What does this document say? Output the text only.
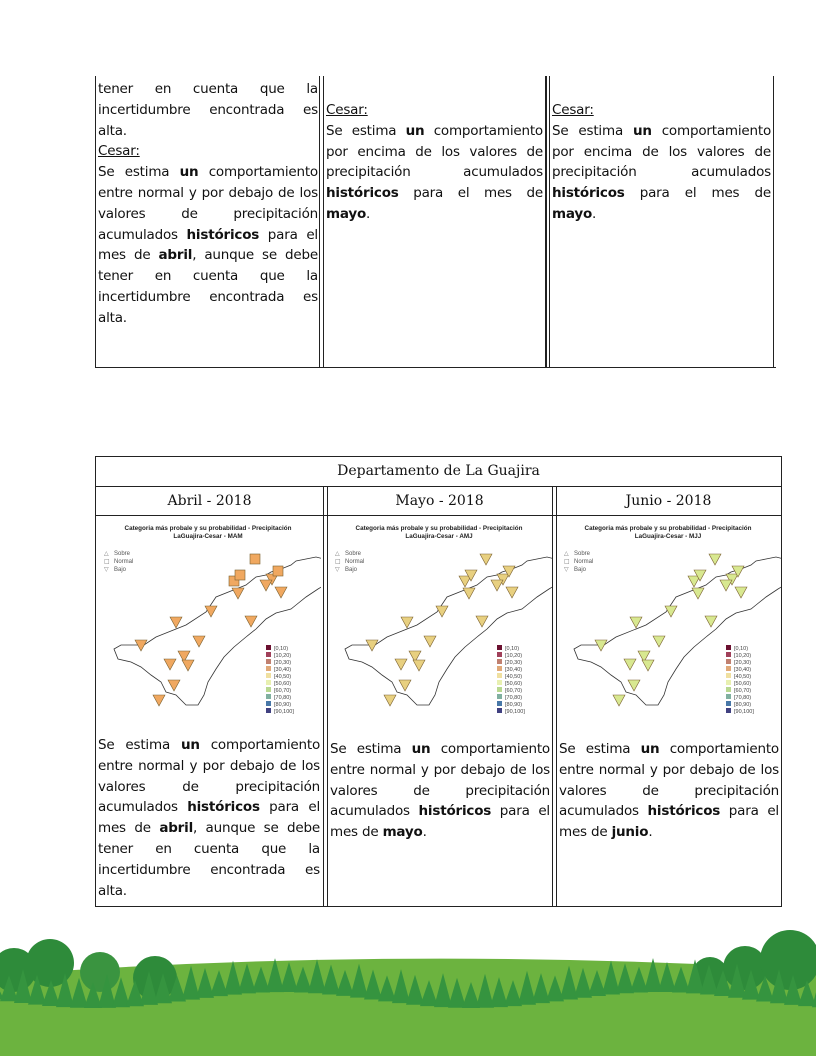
tener en cuenta que la incertidumbre encontrada es alta.
Cesar:
Se estima un comportamiento entre normal y por debajo de los valores de precipitación acumulados históricos para el mes de abril, aunque se debe tener en cuenta que la incertidumbre encontrada es alta.
Cesar:
Se estima un comportamiento por encima de los valores de precipitación acumulados históricos para el mes de mayo.
Cesar:
Se estima un comportamiento por encima de los valores de precipitación acumulados históricos para el mes de mayo.
Departamento de La Guajira
Abril - 2018	Mayo - 2018	Junio - 2018
Categoria más probale y su probabilidad - Precipitación
LaGuajira-Cesar - MAM
△ Sobre
□ Normal
▽ Bajo
[0,10)
[10,20)
[20,30)
[30,40)
[40,50)
[50,60)
[60,70)
[70,80)
[80,90)
[90,100]
Categoria más probale y su probabilidad - Precipitación
LaGuajira-Cesar - AMJ
△ Sobre
□ Normal
▽ Bajo
[0,10)
[10,20)
[20,30)
[30,40)
[40,50)
[50,60)
[60,70)
[70,80)
[80,90)
[90,100]
Categoria más probale y su probabilidad - Precipitación
LaGuajira-Cesar - MJJ
△ Sobre
□ Normal
▽ Bajo
[0,10)
[10,20)
[20,30)
[30,40)
[40,50)
[50,60)
[60,70)
[70,80)
[80,90)
[90,100]
Se estima un comportamiento entre normal y por debajo de los valores de precipitación acumulados históricos para el mes de abril, aunque se debe tener en cuenta que la incertidumbre encontrada es alta.
Se estima un comportamiento entre normal y por debajo de los valores de precipitación acumulados históricos para el mes de mayo.
Se estima un comportamiento entre normal y por debajo de los valores de precipitación acumulados históricos para el mes de junio.
